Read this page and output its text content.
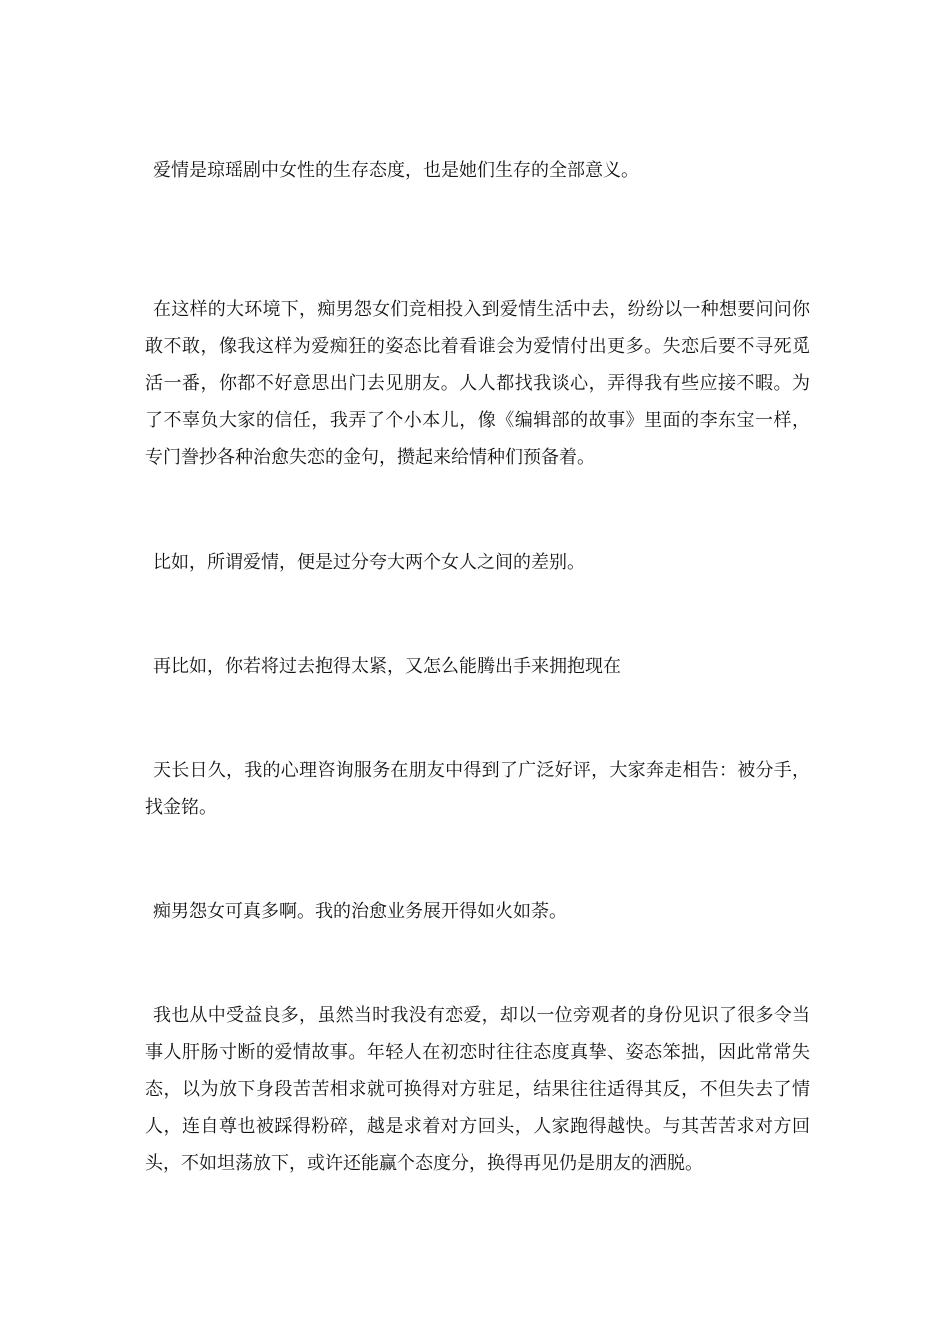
爱情是琼瑶剧中女性的生存态度，也是她们生存的全部意义。

在这样的大环境下，痴男怨女们竞相投入到爱情生活中去，纷纷以一种想要问问你敢不敢，像我这样为爱痴狂的姿态比着看谁会为爱情付出更多。失恋后要不寻死觅活一番，你都不好意思出门去见朋友。人人都找我谈心，弄得我有些应接不暇。为了不辜负大家的信任，我弄了个小本儿，像《编辑部的故事》里面的李东宝一样，专门誊抄各种治愈失恋的金句，攒起来给情种们预备着。

比如，所谓爱情，便是过分夸大两个女人之间的差别。

再比如，你若将过去抱得太紧，又怎么能腾出手来拥抱现在

天长日久，我的心理咨询服务在朋友中得到了广泛好评，大家奔走相告：被分手，找金铭。

痴男怨女可真多啊。我的治愈业务展开得如火如荼。

我也从中受益良多，虽然当时我没有恋爱，却以一位旁观者的身份见识了很多令当事人肝肠寸断的爱情故事。年轻人在初恋时往往态度真挚、姿态笨拙，因此常常失态，以为放下身段苦苦相求就可换得对方驻足，结果往往适得其反，不但失去了情人，连自尊也被踩得粉碎，越是求着对方回头，人家跑得越快。与其苦苦求对方回头，不如坦荡放下，或许还能赢个态度分，换得再见仍是朋友的洒脱。
